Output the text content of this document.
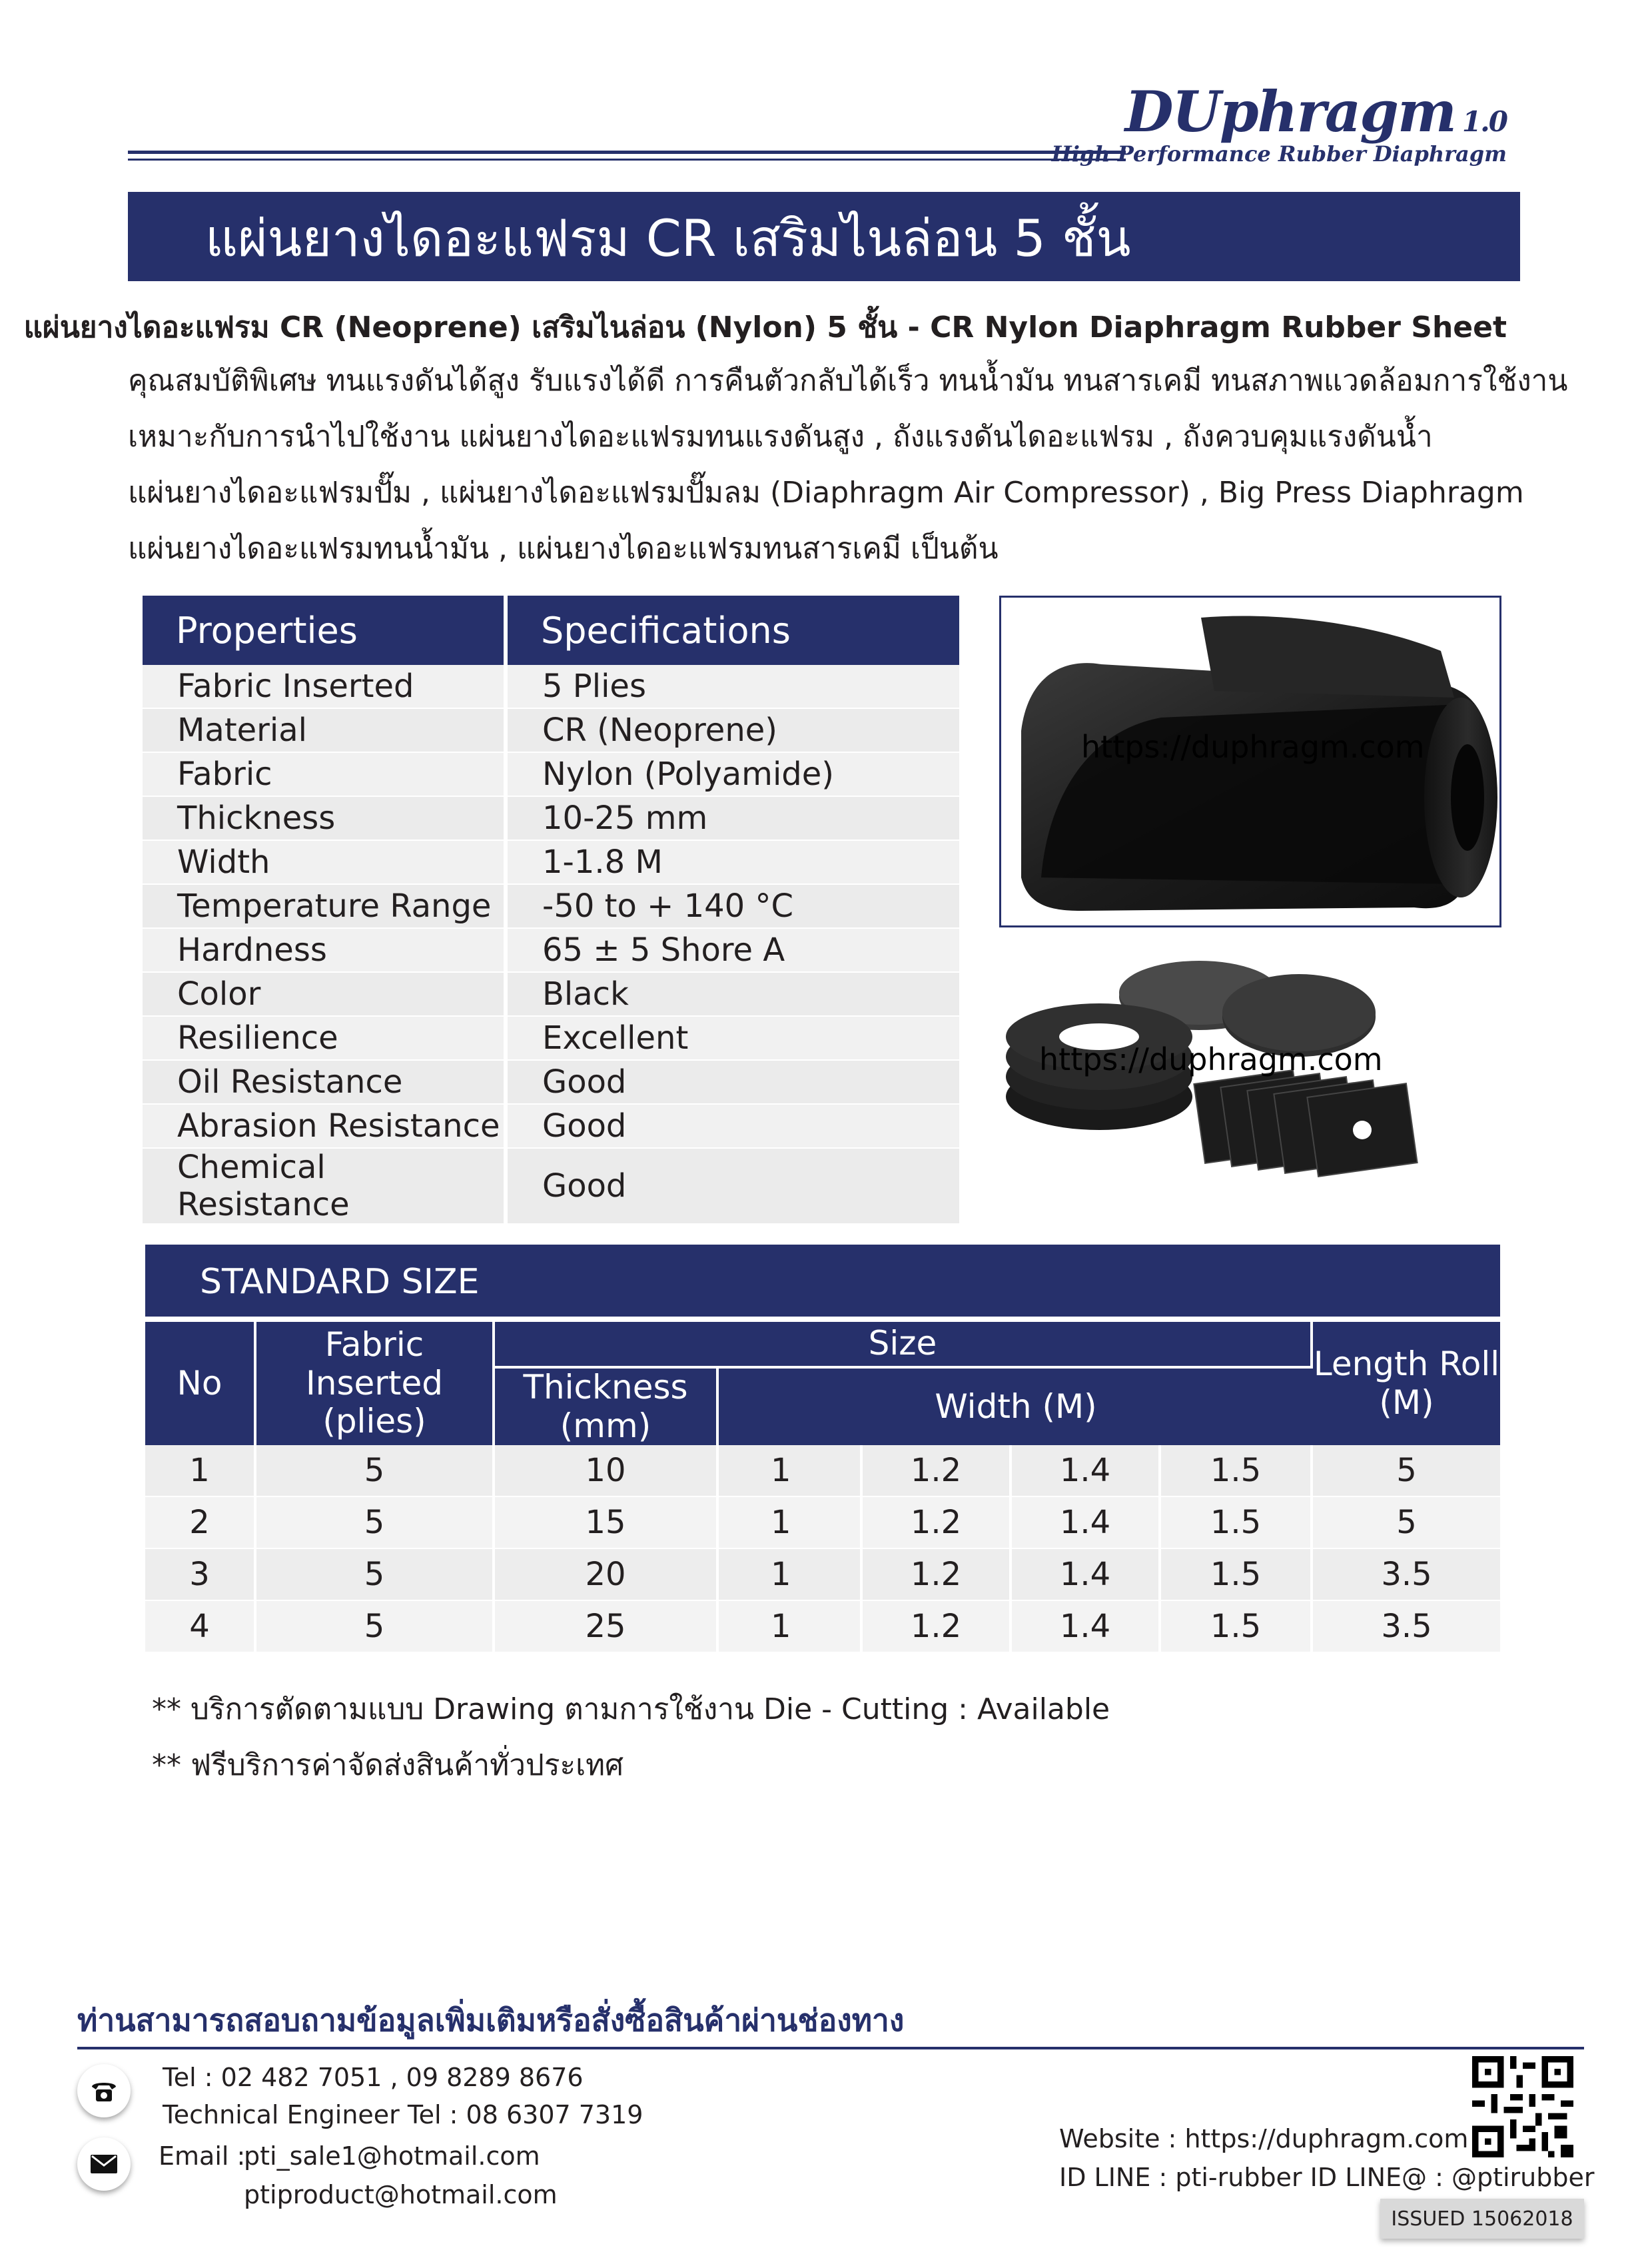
DUphragm 1.0
High Performance Rubber Diaphragm
แผ่นยางไดอะแฟรม CR เสริมไนล่อน 5 ชั้น
แผ่นยางไดอะแฟรม CR (Neoprene) เสริมไนล่อน (Nylon) 5 ชั้น - CR Nylon Diaphragm Rubber Sheet

คุณสมบัติพิเศษ ทนแรงดันได้สูง รับแรงได้ดี การคืนตัวกลับได้เร็ว ทนน้ำมัน ทนสารเคมี ทนสภาพแวดล้อมการใช้งาน

เหมาะกับการนำไปใช้งาน แผ่นยางไดอะแฟรมทนแรงดันสูง , ถังแรงดันไดอะแฟรม , ถังควบคุมแรงดันน้ำ

แผ่นยางไดอะแฟรมปั๊ม , แผ่นยางไดอะแฟรมปั๊มลม (Diaphragm Air Compressor) , Big Press Diaphragm

แผ่นยางไดอะแฟรมทนน้ำมัน , แผ่นยางไดอะแฟรมทนสารเคมี เป็นต้น

Properties	Specifications
Fabric Inserted	5 Plies
Material	CR (Neoprene)
Fabric	Nylon (Polyamide)
Thickness	10-25 mm
Width	1-1.8 M
Temperature Range	-50 to + 140 °C
Hardness	65 ± 5 Shore A
Color	Black
Resilience	Excellent
Oil Resistance	Good
Abrasion Resistance	Good
Chemical Resistance	Good
https://duphragm.com
https://duphragm.com
STANDARD SIZE
No	Fabric Inserted (plies)	Size					Length Roll (M)
		Thickness (mm)	Width (M)				
1	5	10	1	1.2	1.4	1.5	5
2	5	15	1	1.2	1.4	1.5	5
3	5	20	1	1.2	1.4	1.5	3.5
4	5	25	1	1.2	1.4	1.5	3.5
** บริการตัดตามแบบ Drawing ตามการใช้งาน Die - Cutting : Available
** ฟรีบริการค่าจัดส่งสินค้าทั่วประเทศ
ท่านสามารถสอบถามข้อมูลเพิ่มเติมหรือสั่งซื้อสินค้าผ่านช่องทาง
Tel : 02 482 7051 , 09 8289 8676
Technical Engineer Tel : 08 6307 7319
Email :
pti_sale1@hotmail.com
ptiproduct@hotmail.com
Website : https://duphragm.com
ID LINE : pti-rubber ID LINE@ : @ptirubber
ISSUED 15062018
